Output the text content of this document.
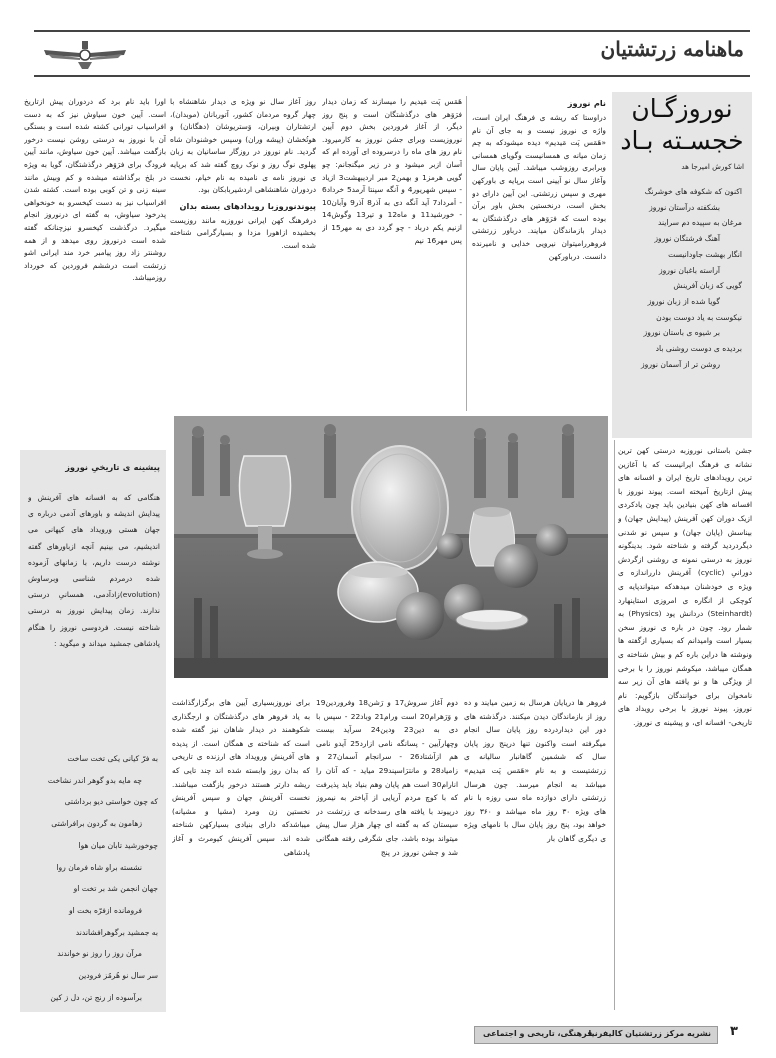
ماهنامه زرتشتیان
نوروزگـان
خجسـته بـاد
اشا کورش امیرجا هد
اکنون که شکوفه های خوشرنگ
بشکفته درآستان نوروز
مرغان به سپیده دم سرایند
آهنگ فرشتگان نوروز
انگار بهشت جاودانیست
آراسته باغبان نوروز
گویی که زبان آفرینش
گویا شده از زبان نوروز
نیکوست به یاد دوست بودن
بر شیوه ی باستان نوروز
بردیده ی دوست روشنی باد
روشن تر از آسمان نوروز
نام نوروز
دراوستا که ریشه ی فرهنگ ایران است، واژه ی نوروز نیست و به جای آن نام «هَمَس پَت مَیدیم» دیده میشودکه به چم زمان میانه ی همسانیست وگویای همسانی وبرابری روزوشب میباشد. آیین پایان سال وآغاز سال نو آیینی است برپایه ی باورکهن مهری و سپس زرتشتی. این آیین دارای دو بخش است، درنخستین بخش باور برآن بوده است که فرَوَهر های درگذشتگان به دیدار بازماندگان میایند. درباور زرتشتی فروهررامیتوان نیرویی خدایی و نامیرنده دانست. درباورکهن
هَمَس پَت مَیدیم را میسازند که زمان دیدار فرَوَهر های درگذشتگان است و پنج روز دیگر، از آغاز فروردین بخش دوم آیین نوروزیست وبرای جشن نوروز به کارمیرود. نام روز های ماه را درسروده ای آورده ام که آسان ازبر میشود و در زیر میگنجانم: چو گویی هرمز1 و بهمن2 مبر اردیبهشت3 ازیاد - سپس شهریور4 و آنگه سپنتا آرمد5 خرداد6 - اَمرداد7 آید آنگه دی به آذر8 آذر9 وآبان10 - خورشید11 و ماه12 و تیر13 وگوش14 ازنیم یکم درباد - چو گردد دی به مهر15 از پس مهر16 نیم
روز آغاز سال نو ویژه ی دیدار شاهنشاه با چهار گروه مردمان کشور، آتوربانان (موبدان)، ارتشتاران وبیران، وَستریوشان (دهگانان) و هوتُخشان (پیشه وران) وسپس خوشنودان شاه گردید. نام نوروز در روزگار ساسانیان به زبان پهلوی نوگ روز و نوک روچ گفته شد که برپایه ی نوروز نامه ی نامیده به نام خیام، نخست دردوران شاهنشاهی اردشیربابکان بود.
پیوندنوروزبا رویدادهای بسته بدان
درفرهنگ کهن ایرانی نوروزبه مانند روزیست بخشیده ازاهورا مزدا و بسیارگرامی شناخته شده است.
اورا باید نام برد که دردوران پیش ازتاریخ است. آیین خون سیاوش نیز که به دست افراسیاب تورانی کشته شده است و بستگی آن با نوروز به درستی روشن نیست درخور بازگفت میباشد. آیین خون سیاوش، مانند آیین فرودگ برای فرَوَهر درگذشتگان، گویا به ویژه در بلخ برگذاشته میشده و کم وبیش مانند سینه زنی و تن کوبی بوده است. کشته شدن افراسیاب نیز به دست کیخسرو به خونخواهی پدرخود سیاوش، به گفته ای درنوروز انجام میگیرد. درگذشت کیخسرو نیزچنانکه گفته شده است درنوروز روی میدهد و از همه روشنتر زاد روز پیامبر خرد مند ایرانی اشو زرتشت است درششم فروردین که خورداد روزمیباشد.
پیشینه ی تاریخیِ نوروز
هنگامی که به افسانه های آفرینش و پیدایش اندیشه و باورهای آدمی درباره ی جهان هستی ورویداد های کیهانی می اندیشیم، می بینیم آنچه ازباورهای گفته نوشته درست داریم، با زمانهای آزموده شده درمردم شناسی وبرساوش (evolution)زادآدمی، همسانیِ درستی ندارند. زمان پیدایش نوروز به درستی شناخته نیست. فردوسی نوروز را هنگام پادشاهی جمشید میداند و میگوید :
به فرّ کیانی یکی تخت ساخت
چه مایه بدو گوهر اندر نشاخت
که چون خواستی دیو برداشتی
زهامون به گردون برافراشتی
چوخورشید تابان میان هوا
نشسته براو شاه فرمان روا
جهان انجمن شد بر تخت او
فرومانده ازفرّه بخت او
به جمشید برگوهرافشاندند
مرآن روز را روز نو خواندند
سر سال نو هُرمُز فرودین
برآسوده از رنج تن، دل ز کین
جشن باستانی نوروزبه درستی کهن ترین نشانه ی فرهنگ ایرانیست که با آغازین ترین رویدادهای تاریخ ایران و افسانه های پیش ازتاریخ آمیخته است. پیوند نوروز با افسانه های کهن بنیادین باید چون یادکردی ازیک دوران کهن آفرینش (پیدایش جهان) و بیناسش (پایان جهان) و سپس نو شدنی دیگردردید گرفته و شناخته شود. بدینگونه نوروز به درستی نمونه ی روشنی ازگردش دورانیِ (cyclic) آفرینش دارراندازه ی ویژه ی خودشنان میدهدکه میتواندپایه ی کوچکی از انگاره ی امروزی استاینهارد (Steinhardt) دردانش پود (Physics) به شمار رود. چون در باره ی نوروز سخن بسیار است وامیدانم که بسیاری ازگفته ها ونوشته ها دراین باره کم و بیش شناخته ی همگان میباشد، میکوشم نوروز را با برخی از ویژگی ها و نو یافته های آن زیر سه نامخوان برای خوانندگان بازگویم: نام نوروز، پیوند نوروز با برخی رویداد های تاریخی- افسانه ای، و پیشینه ی نوروز.
فروهر ها دریایان هرسال به زمین میایند و ده روز از بازماندگان دیدن میکنند. درگذشته های دور این دیداردرده روز پایان سال انجام میگرفته است واکنون تنها درپنج روز پایان سال که ششمین گاهانبار سالیانه ی زرتشتیست و به نام «هَمَس پَت مَیدیم» میباشد به انجام میرسد. چون هرسال زرتشتی دارای دوازده ماه سی روزه با نام های ویژه ۳۰ روز ماه میباشد و ۳۶۰ روز خواهد بود، پنج روز پایان سال با نامهای ویژه ی دیگری گاهان بار
دوم آغاز سروش17 و رَشن18 وفروردین19 و وَرَهرام20 است ورام21 وباد22 - سپس با دی به دین23 ودین24 سرآید بیست وچهارآیین - پسانگه نامی ازارد25 آیدو نامی هم ازآشتاد26 - سرانجام آسمان27 و زامیاد28 و مانترَاسپند29 میاید - که آنان را انارام30 است هم پایان وهم بنیاد باید پذیرفت که با کوچ مردم آریایی از آپاختر به نیمروز درپیوند با یافته های رسدخانه ی زرتشت در سیستان که به گفته ای چهار هزار سال پیش میتواند بوده باشد، جای شگرفی رفته همگانی شد و جشن نوروز در پنج
برای نوروزبسیاری آیین های برگزارگذاشت به یاد فروهر های درگذشتگان و ارجگذاری شکوهمند در دیدار شاهان نیز گفته شده است که شناخته ی همگان است. از پدیده های آفرینش ورویداد های ارزنده ی تاریخی که بدان روز وابسته شده اند چند تایی که ریشه دارتر هستند درخور بازگفت میباشند. نخست آفرینش جهان و سپس آفرینش نخستین زن ومرد (مشیا و مشیانه) میباشدکه دارای بنیادی بسیارکهن شناخته شده اند. سپس آفرینش کیومرث و آغاز پادشاهی
نشریه مرکز زرتشتیان کالیفرنیا
فرهنگی، تاریخی و اجتماعی	۳
